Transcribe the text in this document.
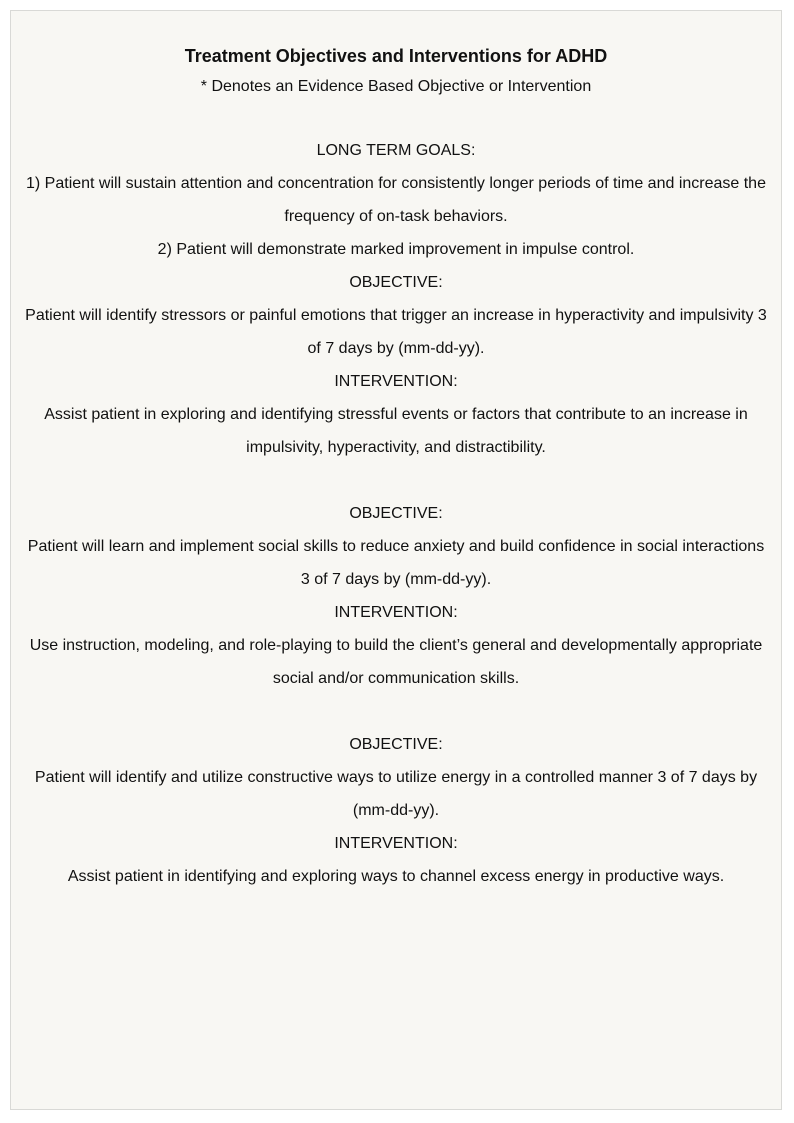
Treatment Objectives and Interventions for ADHD

* Denotes an Evidence Based Objective or Intervention

LONG TERM GOALS:

1) Patient will sustain attention and concentration for consistently longer periods of time and increase the frequency of on-task behaviors.

2) Patient will demonstrate marked improvement in impulse control.

OBJECTIVE:

Patient will identify stressors or painful emotions that trigger an increase in hyperactivity and impulsivity 3 of 7 days by (mm-dd-yy).

INTERVENTION:

Assist patient in exploring and identifying stressful events or factors that contribute to an increase in impulsivity, hyperactivity, and distractibility.

OBJECTIVE:

Patient will learn and implement social skills to reduce anxiety and build confidence in social interactions 3 of 7 days by (mm-dd-yy).

INTERVENTION:

Use instruction, modeling, and role-playing to build the client’s general and developmentally appropriate social and/or communication skills.

OBJECTIVE:

Patient will identify and utilize constructive ways to utilize energy in a controlled manner 3 of 7 days by (mm-dd-yy).

INTERVENTION:

Assist patient in identifying and exploring ways to channel excess energy in productive ways.
